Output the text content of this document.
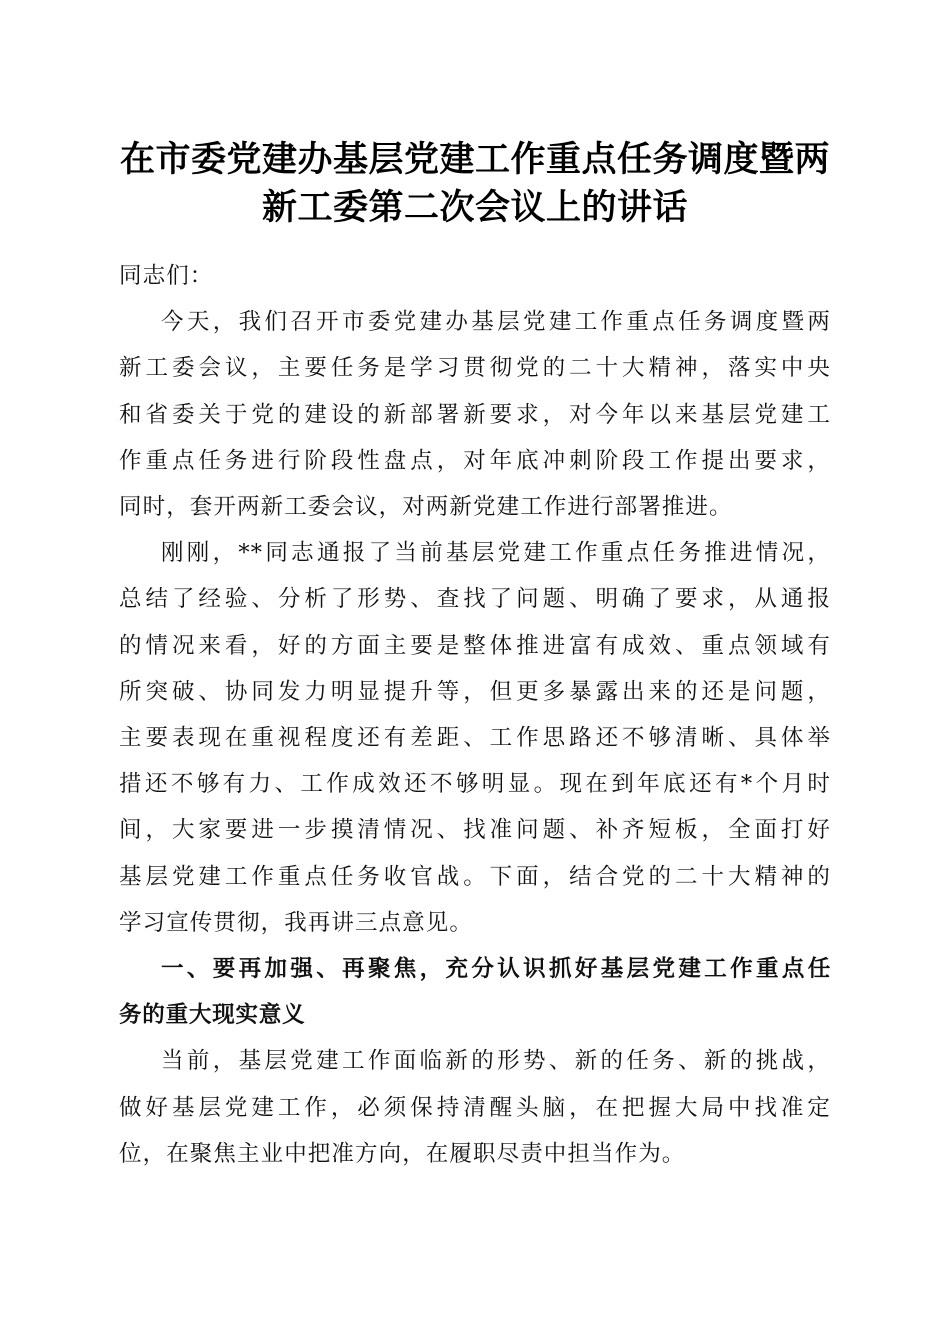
在市委党建办基层党建工作重点任务调度暨两
新工委第二次会议上的讲话

同志们：

今天，我们召开市委党建办基层党建工作重点任务调度暨两
新工委会议，主要任务是学习贯彻党的二十大精神，落实中央
和省委关于党的建设的新部署新要求，对今年以来基层党建工
作重点任务进行阶段性盘点，对年底冲刺阶段工作提出要求，
同时，套开两新工委会议，对两新党建工作进行部署推进。

刚刚，**同志通报了当前基层党建工作重点任务推进情况，
总结了经验、分析了形势、查找了问题、明确了要求，从通报
的情况来看，好的方面主要是整体推进富有成效、重点领域有
所突破、协同发力明显提升等，但更多暴露出来的还是问题，
主要表现在重视程度还有差距、工作思路还不够清晰、具体举
措还不够有力、工作成效还不够明显。现在到年底还有*个月时
间，大家要进一步摸清情况、找准问题、补齐短板，全面打好
基层党建工作重点任务收官战。下面，结合党的二十大精神的
学习宣传贯彻，我再讲三点意见。

一、要再加强、再聚焦，充分认识抓好基层党建工作重点任
务的重大现实意义

当前，基层党建工作面临新的形势、新的任务、新的挑战，
做好基层党建工作，必须保持清醒头脑，在把握大局中找准定
位，在聚焦主业中把准方向，在履职尽责中担当作为。
